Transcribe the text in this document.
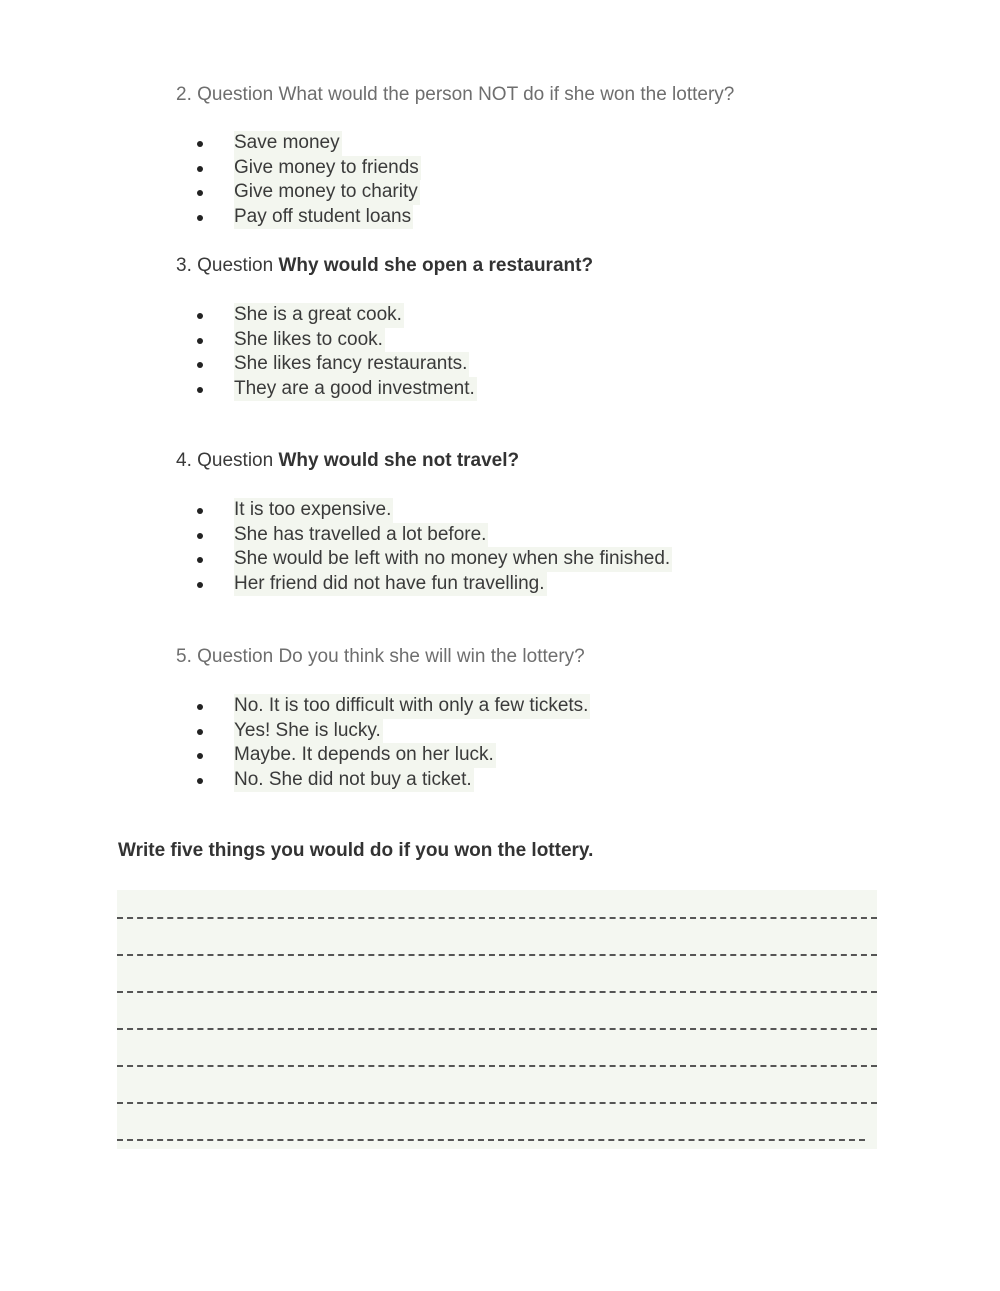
2. Question What would the person NOT do if she won the lottery?

Save money
Give money to friends
Give money to charity
Pay off student loans

3. Question Why would she open a restaurant?

She is a great cook.
She likes to cook.
She likes fancy restaurants.
They are a good investment.

4. Question Why would she not travel?

It is too expensive.
She has travelled a lot before.
She would be left with no money when she finished.
Her friend did not have fun travelling.

5. Question Do you think she will win the lottery?

No. It is too difficult with only a few tickets.
Yes! She is lucky.
Maybe. It depends on her luck.
No. She did not buy a ticket.

Write five things you would do if you won the lottery.
